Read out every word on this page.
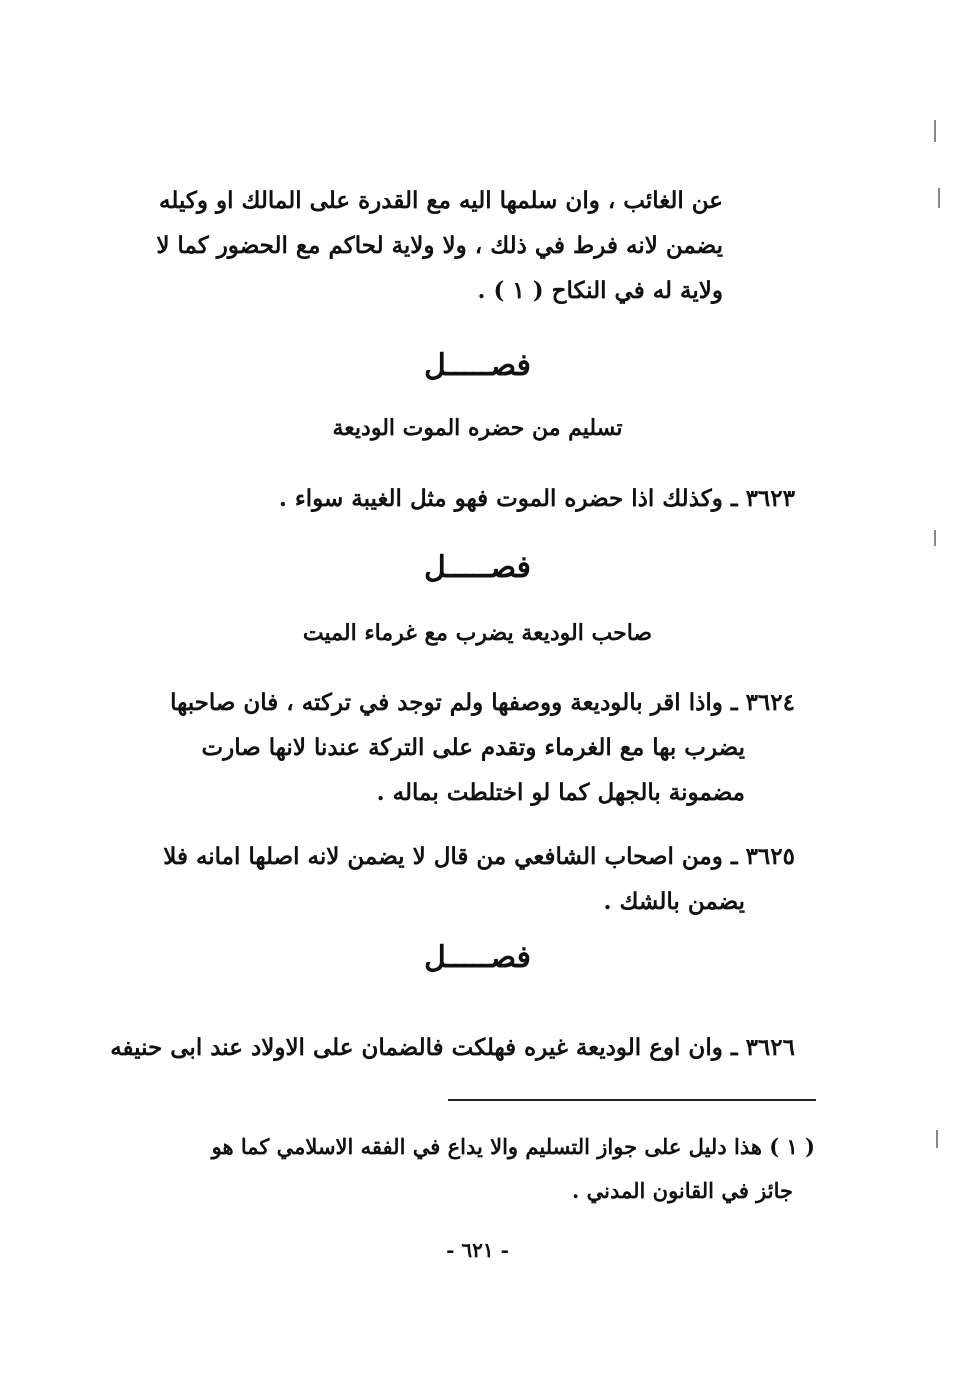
عن الغائب ، وان سلمها اليه مع القدرة على المالك او وكيله
يضمن لانه فرط في ذلك ، ولا ولاية لحاكم مع الحضور كما لا
ولاية له في النكاح ( ١ ) .
فصـــــل
تسليم من حضره الموت الوديعة
٣٦٢٣ ـ وكذلك اذا حضره الموت فهو مثل الغيبة سواء .
فصـــــل
صاحب الوديعة يضرب مع غرماء الميت
٣٦٢٤ ـ واذا اقر بالوديعة ووصفها ولم توجد في تركته ، فان صاحبها
يضرب بها مع الغرماء وتقدم على التركة عندنا لانها صارت
مضمونة بالجهل كما لو اختلطت بماله .
٣٦٢٥ ـ ومن اصحاب الشافعي من قال لا يضمن لانه اصلها امانه فلا
يضمن بالشك .
فصـــــل
٣٦٢٦ ـ وان اوع الوديعة غيره فهلكت فالضمان على الاولاد عند ابى حنيفه
( ١ ) هذا دليل على جواز التسليم والا يداع في الفقه الاسلامي كما هو
جائز في القانون المدني .
- ٦٢١ -
